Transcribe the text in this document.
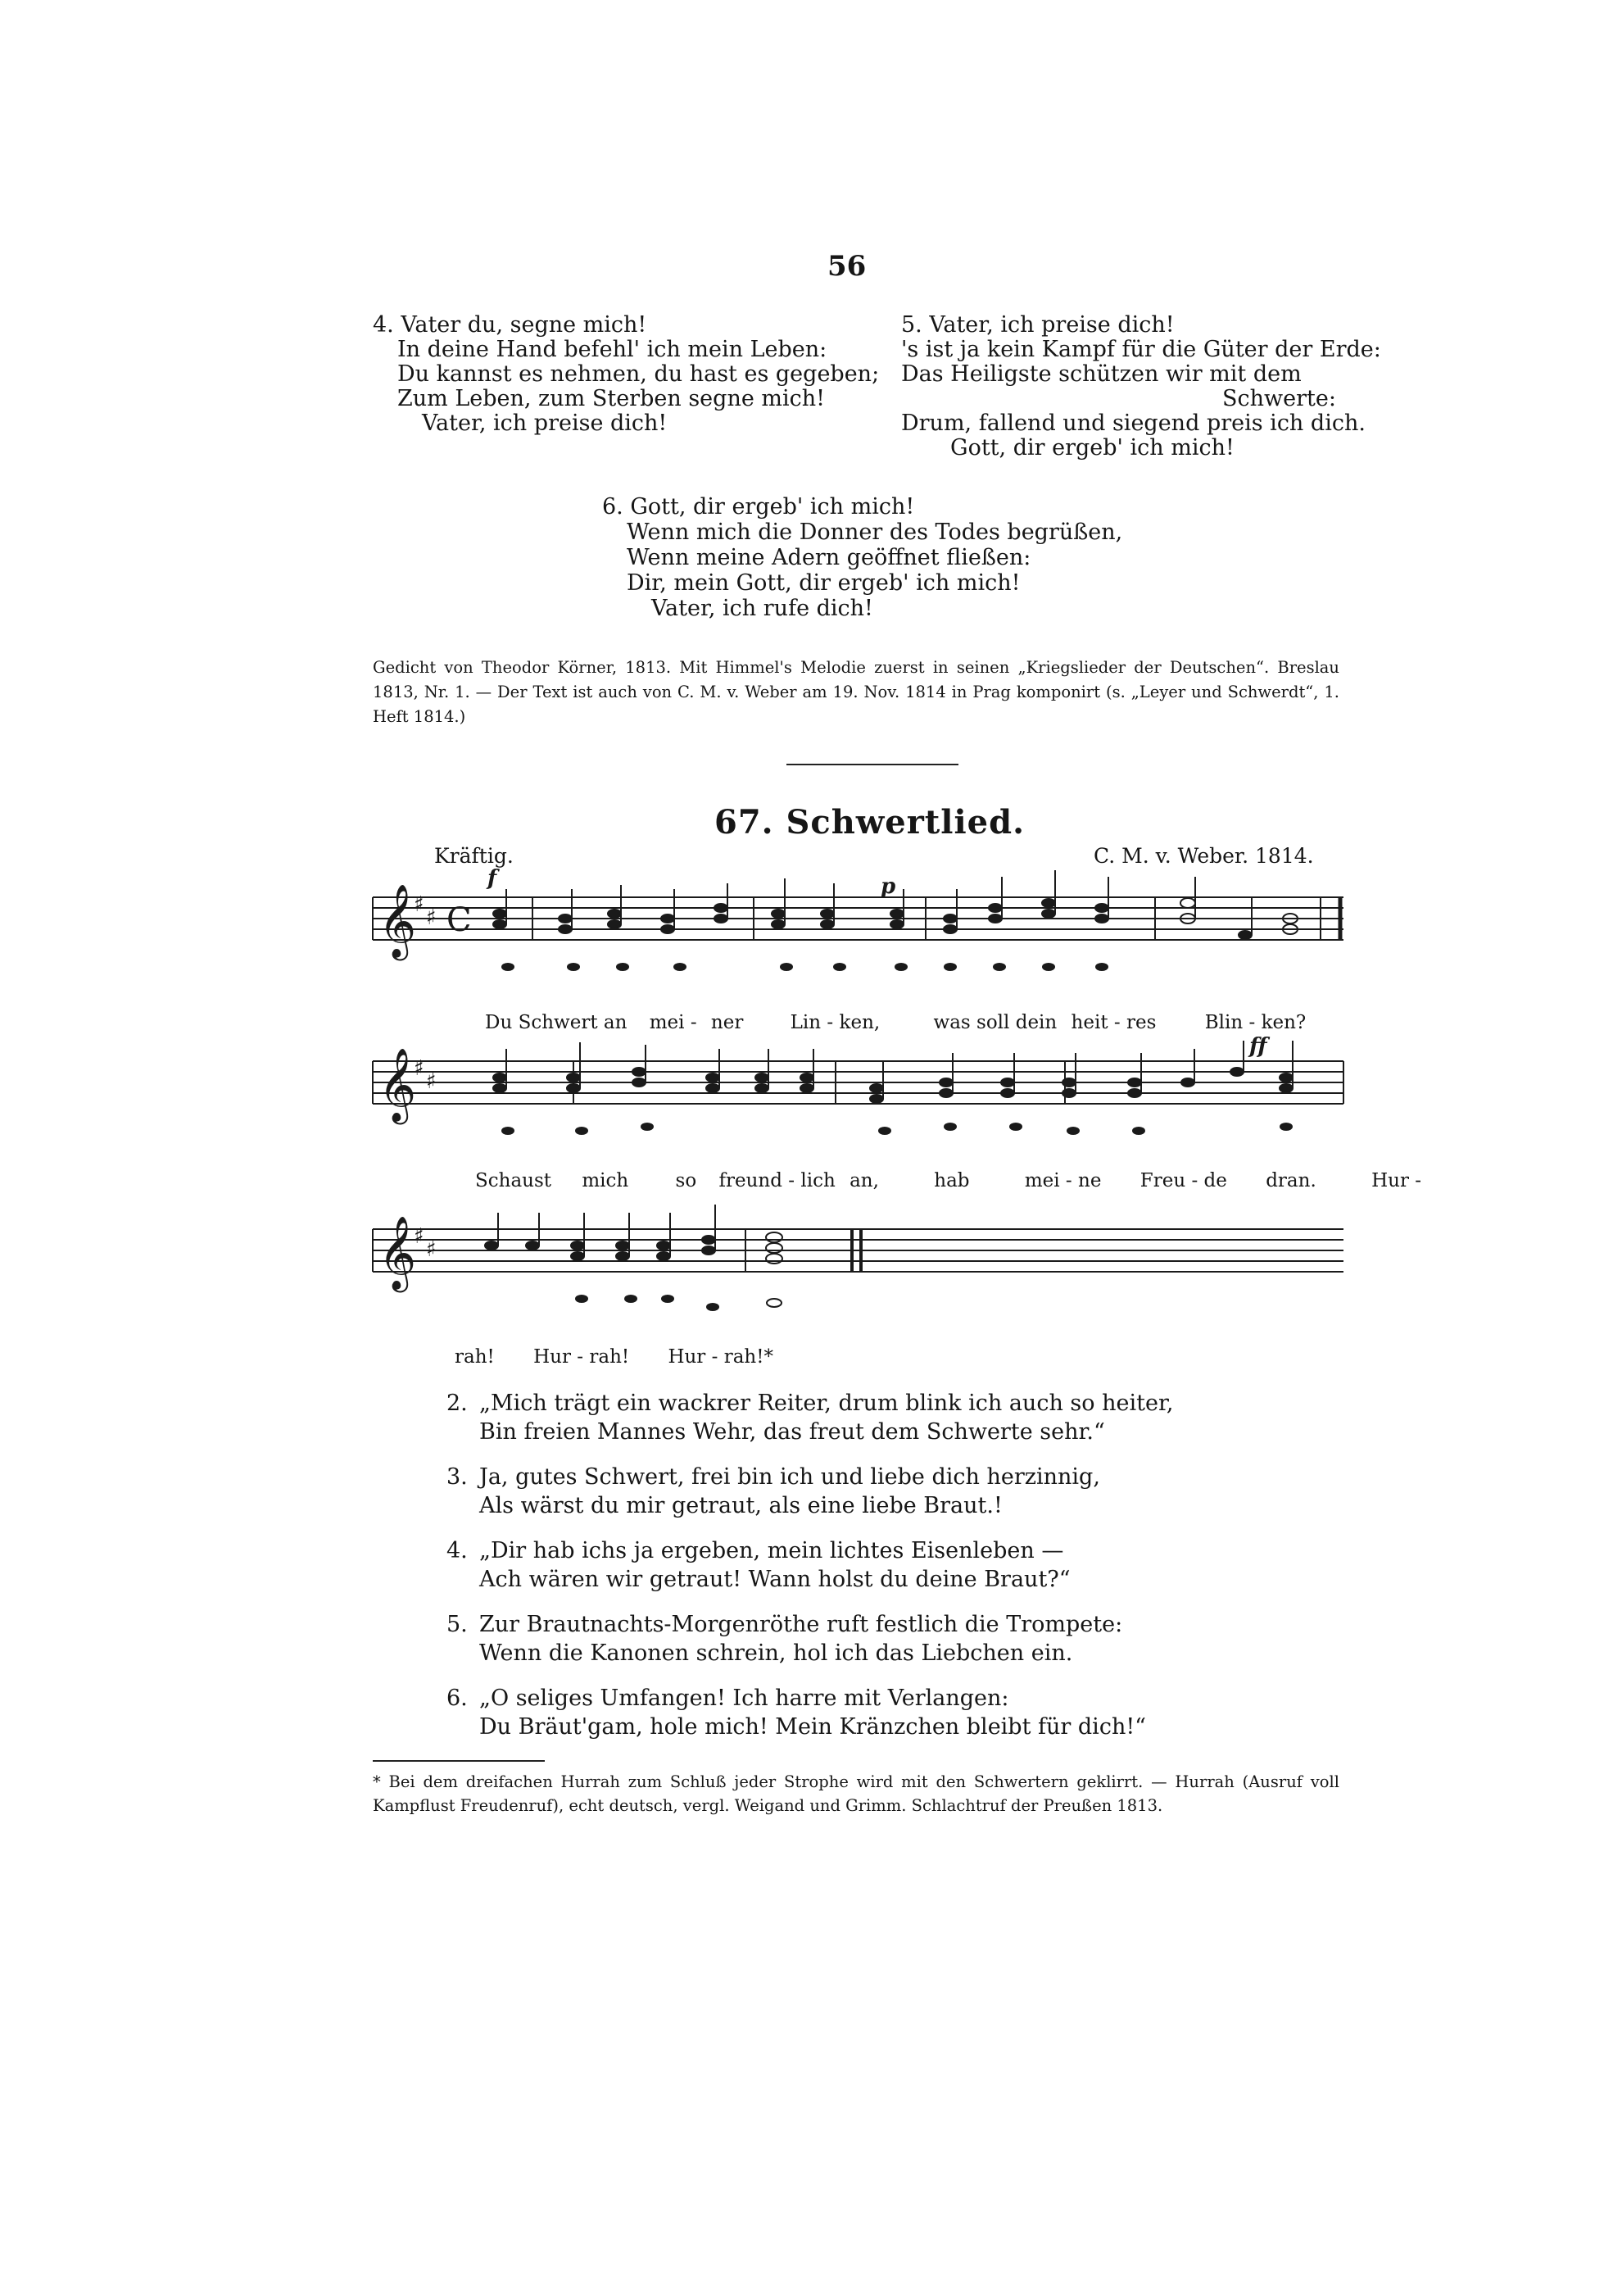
56
4. Vater du, segne mich!
In deine Hand befehl' ich mein Leben:
Du kannst es nehmen, du hast es gegeben;
Zum Leben, zum Sterben segne mich!
Vater, ich preise dich!
5. Vater, ich preise dich!
's ist ja kein Kampf für die Güter der Erde:
Das Heiligste schützen wir mit dem
Schwerte:
Drum, fallend und siegend preis ich dich.
Gott, dir ergeb' ich mich!
6. Gott, dir ergeb' ich mich!
Wenn mich die Donner des Todes begrüßen,
Wenn meine Adern geöffnet fließen:
Dir, mein Gott, dir ergeb' ich mich!
Vater, ich rufe dich!
Gedicht von Theodor Körner, 1813. Mit Himmel's Melodie zuerst in seinen „Kriegslieder der Deutschen“. Breslau 1813, Nr. 1. — Der Text ist auch von C. M. v. Weber am 19. Nov. 1814 in Prag komponirt (s. „Leyer und Schwerdt“, 1. Heft 1814.)
67. Schwertlied.
Kräftig.	C. M. v. Weber. 1814.
𝄞
𝄞
𝄞
♯
♯
♯
♯
♯
♯
C
f	p
ff
Du Schwert an mei - ner Lin - ken,	was soll dein heit - res	Blin - ken?
Schaust mich so freund - lich an,	hab	mei - ne Freu - de dran.	Hur -
rah! Hur - rah! Hur - rah!*
2. „Mich trägt ein wackrer Reiter, drum blink ich auch so heiter,
Bin freien Mannes Wehr, das freut dem Schwerte sehr.“
3. Ja, gutes Schwert, frei bin ich und liebe dich herzinnig,
Als wärst du mir getraut, als eine liebe Braut.!
4. „Dir hab ichs ja ergeben, mein lichtes Eisenleben —
Ach wären wir getraut! Wann holst du deine Braut?“
5. Zur Brautnachts-Morgenröthe ruft festlich die Trompete:
Wenn die Kanonen schrein, hol ich das Liebchen ein.
6. „O seliges Umfangen! Ich harre mit Verlangen:
Du Bräut'gam, hole mich! Mein Kränzchen bleibt für dich!“
* Bei dem dreifachen Hurrah zum Schluß jeder Strophe wird mit den Schwertern geklirrt. — Hurrah (Ausruf voll Kampflust Freudenruf), echt deutsch, vergl. Weigand und Grimm. Schlachtruf der Preußen 1813.
